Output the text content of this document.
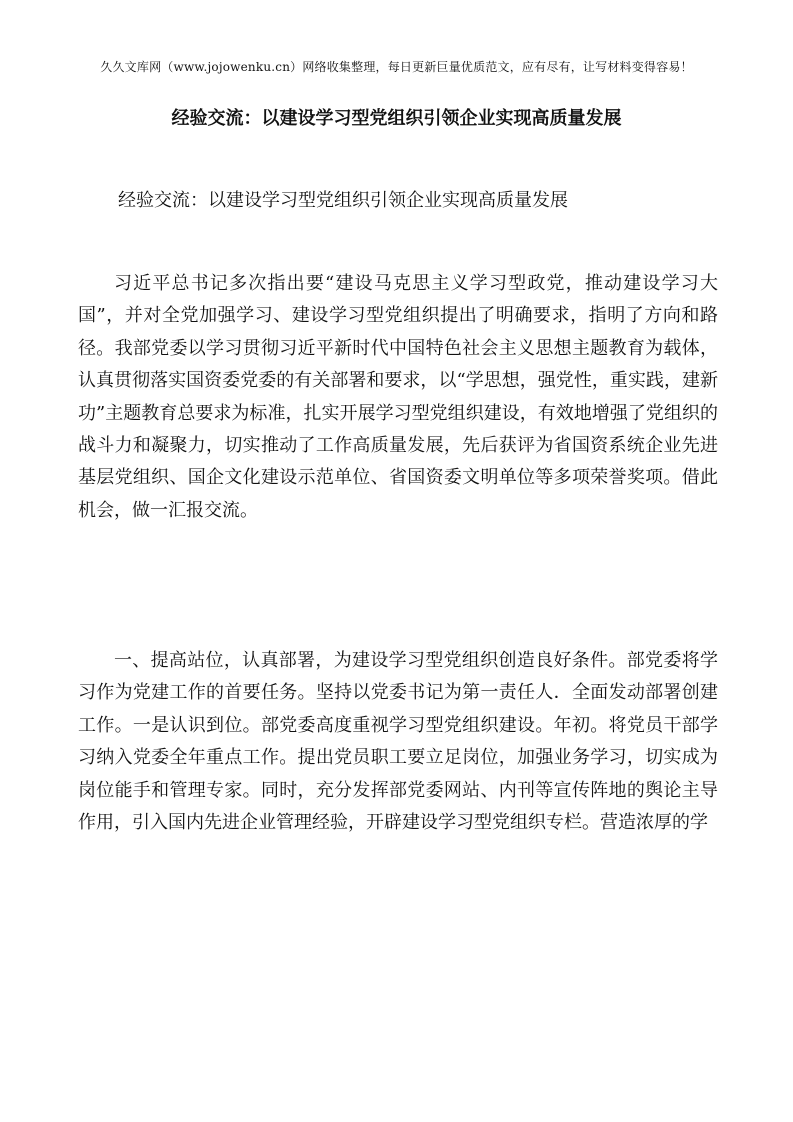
久久文库网（www.jojowenku.cn）网络收集整理，每日更新巨量优质范文，应有尽有，让写材料变得容易！
经验交流：以建设学习型党组织引领企业实现高质量发展
经验交流：以建设学习型党组织引领企业实现高质量发展

习近平总书记多次指出要“建设马克思主义学习型政党，推动建设学习大国”，并对全党加强学习、建设学习型党组织提出了明确要求，指明了方向和路径。我部党委以学习贯彻习近平新时代中国特色社会主义思想主题教育为载体，认真贯彻落实国资委党委的有关部署和要求，以“学思想，强党性，重实践，建新功”主题教育总要求为标准，扎实开展学习型党组织建设，有效地增强了党组织的战斗力和凝聚力，切实推动了工作高质量发展，先后获评为省国资系统企业先进基层党组织、国企文化建设示范单位、省国资委文明单位等多项荣誉奖项。借此机会，做一汇报交流。

一、提高站位，认真部署，为建设学习型党组织创造良好条件。部党委将学习作为党建工作的首要任务。坚持以党委书记为第一责任人．全面发动部署创建工作。一是认识到位。部党委高度重视学习型党组织建设。年初。将党员干部学习纳入党委全年重点工作。提出党员职工要立足岗位，加强业务学习，切实成为岗位能手和管理专家。同时，充分发挥部党委网站、内刊等宣传阵地的舆论主导作用，引入国内先进企业管理经验，开辟建设学习型党组织专栏。营造浓厚的学
